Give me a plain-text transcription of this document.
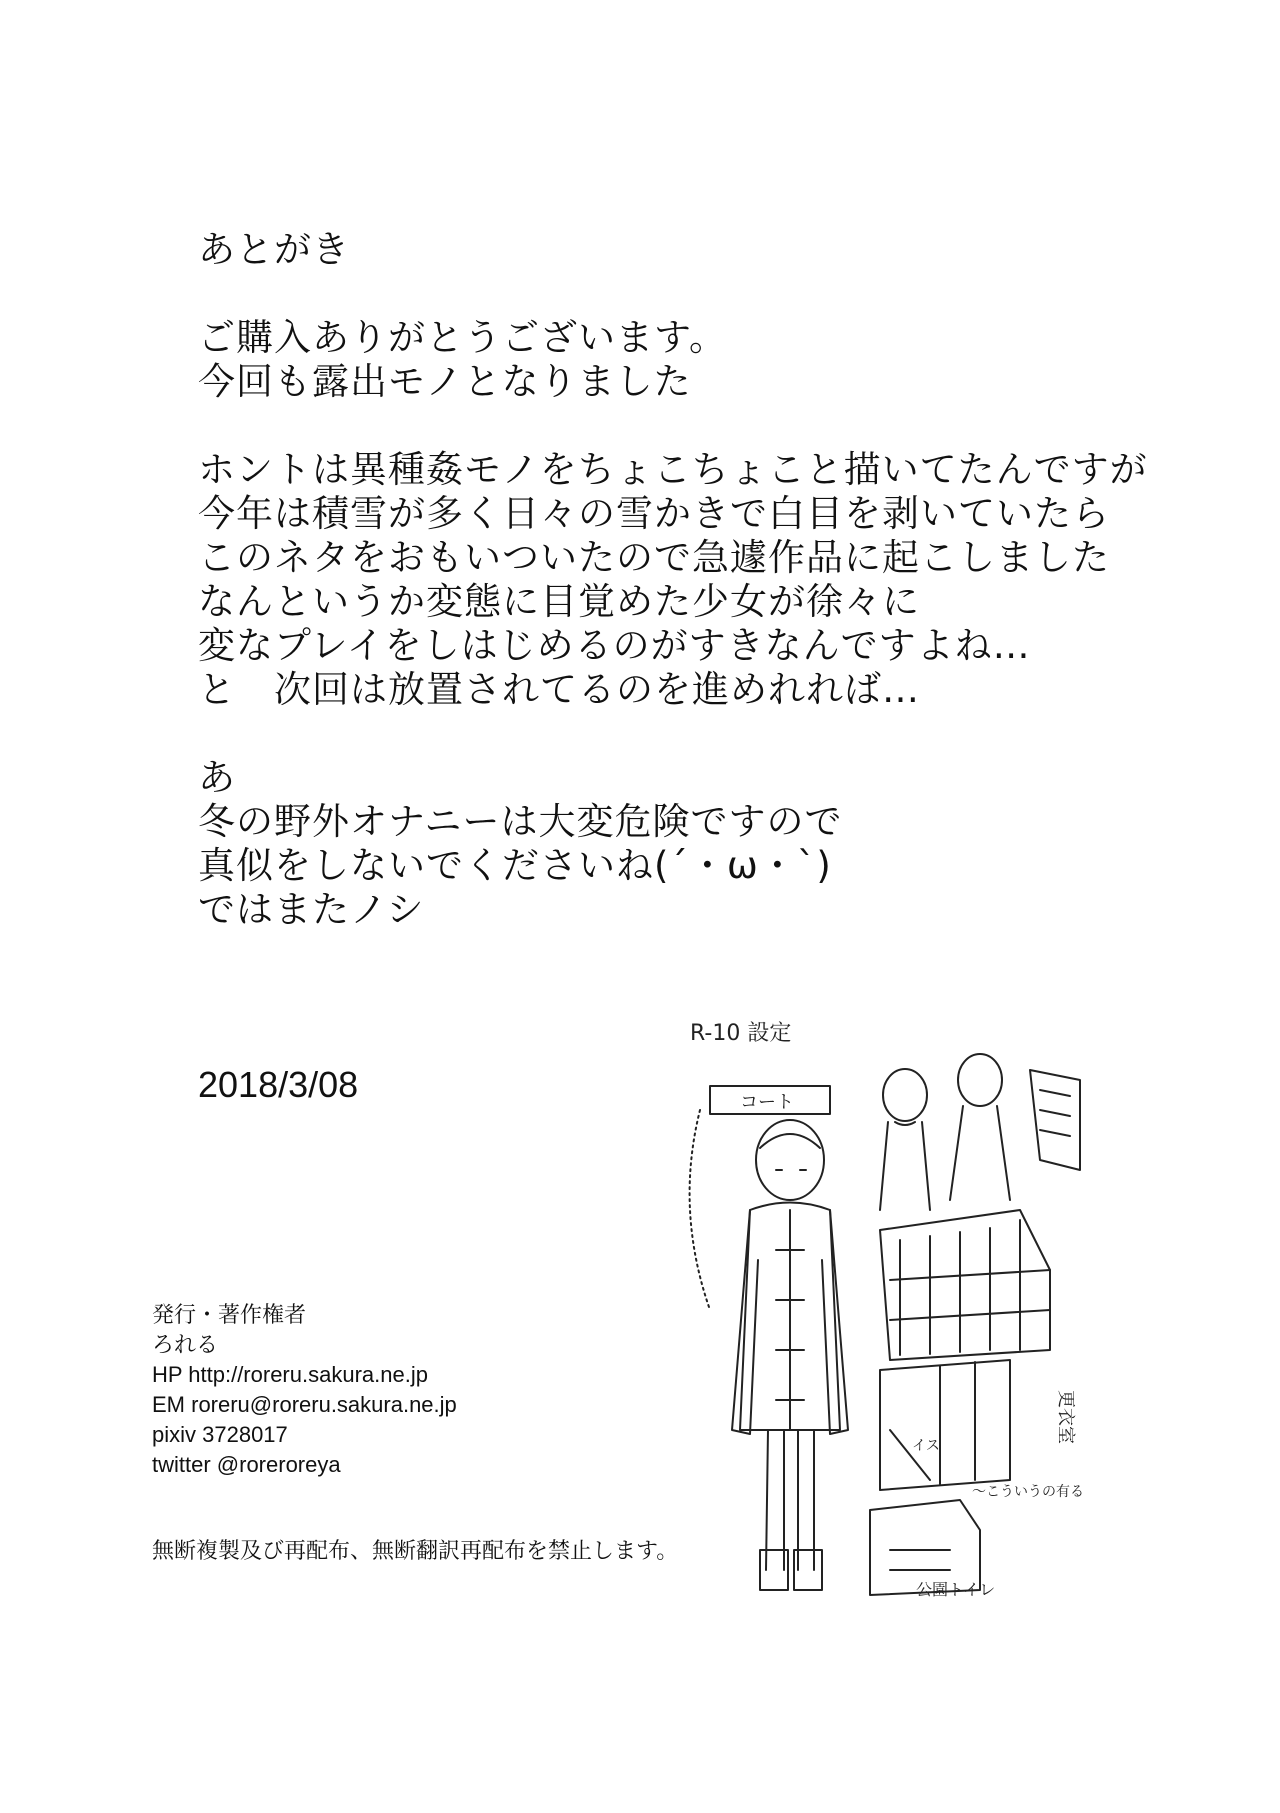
あとがき
ご購入ありがとうございます。
今回も露出モノとなりました
ホントは異種姦モノをちょこちょこと描いてたんですが
今年は積雪が多く日々の雪かきで白目を剥いていたら
このネタをおもいついたので急遽作品に起こしました
なんというか変態に目覚めた少女が徐々に
変なプレイをしはじめるのがすきなんですよね…
と　次回は放置されてるのを進めれれば…
あ
冬の野外オナニーは大変危険ですので
真似をしないでくださいね(´・ω・`)
ではまたノシ
2018/3/08
発行・著作権者
ろれる
HP http://roreru.sakura.ne.jp
EM roreru@roreru.sakura.ne.jp
pixiv 3728017
twitter @roreroreya
無断複製及び再配布、無断翻訳再配布を禁止します。
R-10 設定
コート
更衣室
イス
〜こういうの有る
公園トイレ
